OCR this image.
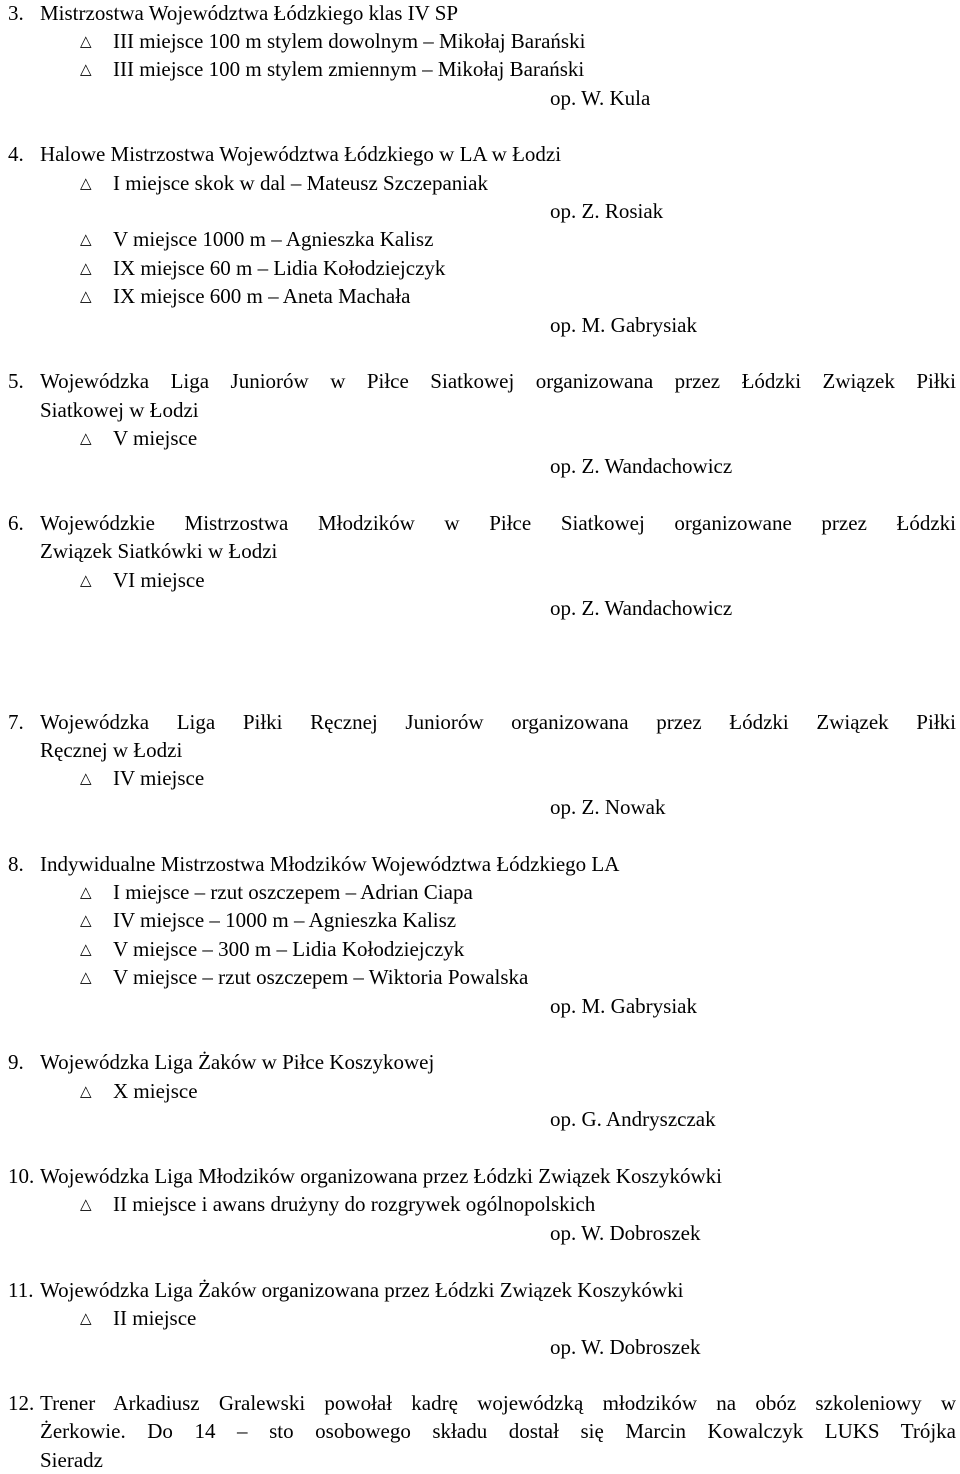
3. Mistrzostwa Województwa Łódzkiego klas IV SP
△ III miejsce 100 m stylem dowolnym – Mikołaj Barański
△ III miejsce 100 m stylem zmiennym – Mikołaj Barański
op. W. Kula
4. Halowe Mistrzostwa Województwa Łódzkiego w LA w Łodzi
△ I miejsce skok w dal – Mateusz Szczepaniak
op. Z. Rosiak
△ V miejsce 1000 m – Agnieszka Kalisz
△ IX miejsce 60 m – Lidia Kołodziejczyk
△ IX miejsce 600 m – Aneta Machała
op. M. Gabrysiak
5. Wojewódzka Liga Juniorów w Piłce Siatkowej organizowana przez Łódzki Związek Piłki
Siatkowej w Łodzi
△ V miejsce
op. Z. Wandachowicz
6. Wojewódzkie Mistrzostwa Młodzików w Piłce Siatkowej organizowane przez Łódzki
Związek Siatkówki w Łodzi
△ VI miejsce
op. Z. Wandachowicz
7. Wojewódzka Liga Piłki Ręcznej Juniorów organizowana przez Łódzki Związek Piłki
Ręcznej w Łodzi
△ IV miejsce
op. Z. Nowak
8. Indywidualne Mistrzostwa Młodzików Województwa Łódzkiego LA
△ I miejsce – rzut oszczepem – Adrian Ciapa
△ IV miejsce – 1000 m – Agnieszka Kalisz
△ V miejsce – 300 m – Lidia Kołodziejczyk
△ V miejsce – rzut oszczepem – Wiktoria Powalska
op. M. Gabrysiak
9. Wojewódzka Liga Żaków w Piłce Koszykowej
△ X miejsce
op. G. Andryszczak
10. Wojewódzka Liga Młodzików organizowana przez Łódzki Związek Koszykówki
△ II miejsce i awans drużyny do rozgrywek ogólnopolskich
op. W. Dobroszek
11. Wojewódzka Liga Żaków organizowana przez Łódzki Związek Koszykówki
△ II miejsce
op. W. Dobroszek
12. Trener Arkadiusz Gralewski powołał kadrę wojewódzką młodzików na obóz szkoleniowy w
Żerkowie. Do 14 – sto osobowego składu dostał się Marcin Kowalczyk LUKS Trójka
Sieradz
